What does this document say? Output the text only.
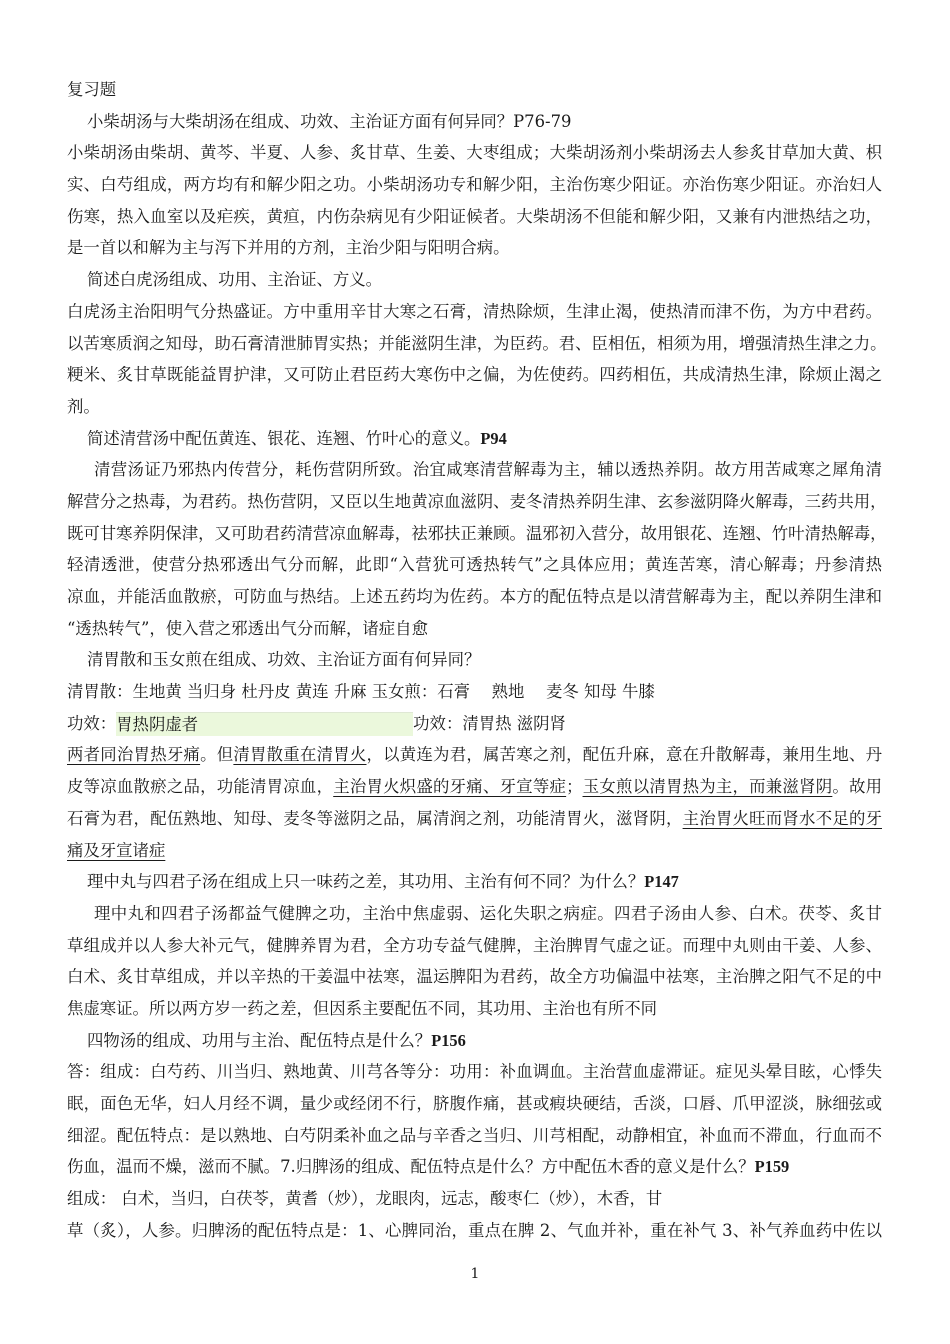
复习题
小柴胡汤与大柴胡汤在组成、功效、主治证方面有何异同？P76-79
小柴胡汤由柴胡、黄芩、半夏、人参、炙甘草、生姜、大枣组成；大柴胡汤剂小柴胡汤去人参炙甘草加大黄、枳
实、白芍组成，两方均有和解少阳之功。小柴胡汤功专和解少阳，主治伤寒少阳证。亦治伤寒少阳证。亦治妇人
伤寒，热入血室以及疟疾，黄疸，内伤杂病见有少阳证候者。大柴胡汤不但能和解少阳，又兼有内泄热结之功，
是一首以和解为主与泻下并用的方剂，主治少阳与阳明合病。
简述白虎汤组成、功用、主治证、方义。
白虎汤主治阳明气分热盛证。方中重用辛甘大寒之石膏，清热除烦，生津止渴，使热清而津不伤，为方中君药。
以苦寒质润之知母，助石膏清泄肺胃实热；并能滋阴生津，为臣药。君、臣相伍，相须为用，增强清热生津之力。
粳米、炙甘草既能益胃护津，又可防止君臣药大寒伤中之偏，为佐使药。四药相伍，共成清热生津，除烦止渴之
剂。
简述清营汤中配伍黄连、银花、连翘、竹叶心的意义。P94
清营汤证乃邪热内传营分，耗伤营阴所致。治宜咸寒清营解毒为主，辅以透热养阴。故方用苦咸寒之犀角清
解营分之热毒，为君药。热伤营阴，又臣以生地黄凉血滋阴、麦冬清热养阴生津、玄参滋阴降火解毒，三药共用，
既可甘寒养阴保津，又可助君药清营凉血解毒，祛邪扶正兼顾。温邪初入营分，故用银花、连翘、竹叶清热解毒，
轻清透泄，使营分热邪透出气分而解，此即“入营犹可透热转气”之具体应用；黄连苦寒，清心解毒；丹参清热
凉血，并能活血散瘀，可防血与热结。上述五药均为佐药。本方的配伍特点是以清营解毒为主，配以养阴生津和
“透热转气”，使入营之邪透出气分而解，诸症自愈
清胃散和玉女煎在组成、功效、主治证方面有何异同？
清胃散：生地黄 当归身 杜丹皮 黄连 升麻 玉女煎：石膏　 熟地　 麦冬 知母 牛膝
功效：胃热阴虚者	功效：清胃热 滋阴肾
两者同治胃热牙痛。但清胃散重在清胃火，以黄连为君，属苦寒之剂，配伍升麻，意在升散解毒，兼用生地、丹
皮等凉血散瘀之品，功能清胃凉血，主治胃火炽盛的牙痛、牙宣等症；玉女煎以清胃热为主，而兼滋肾阴。故用
石膏为君，配伍熟地、知母、麦冬等滋阴之品，属清润之剂，功能清胃火，滋肾阴，主治胃火旺而肾水不足的牙
痛及牙宣诸症
理中丸与四君子汤在组成上只一味药之差，其功用、主治有何不同？为什么？P147
理中丸和四君子汤都益气健脾之功，主治中焦虚弱、运化失职之病症。四君子汤由人参、白术。茯苓、炙甘
草组成并以人参大补元气，健脾养胃为君，全方功专益气健脾，主治脾胃气虚之证。而理中丸则由干姜、人参、
白术、炙甘草组成，并以辛热的干姜温中祛寒，温运脾阳为君药，故全方功偏温中祛寒，主治脾之阳气不足的中
焦虚寒证。所以两方岁一药之差，但因系主要配伍不同，其功用、主治也有所不同
四物汤的组成、功用与主治、配伍特点是什么？P156
答：组成：白芍药、川当归、熟地黄、川芎各等分：功用：补血调血。主治营血虚滞证。症见头晕目眩，心悸失
眠，面色无华，妇人月经不调，量少或经闭不行，脐腹作痛，甚或瘕块硬结，舌淡，口唇、爪甲涩淡，脉细弦或
细涩。配伍特点：是以熟地、白芍阴柔补血之品与辛香之当归、川芎相配，动静相宜，补血而不滞血，行血而不
伤血，温而不燥，滋而不腻。7.归脾汤的组成、配伍特点是什么？方中配伍木香的意义是什么？P159
组成： 白术，当归，白茯苓，黄耆（炒），龙眼肉，远志，酸枣仁（炒），木香，甘
草（炙），人参。归脾汤的配伍特点是：1、心脾同治，重点在脾 2、气血并补，重在补气 3、补气养血药中佐以
1
